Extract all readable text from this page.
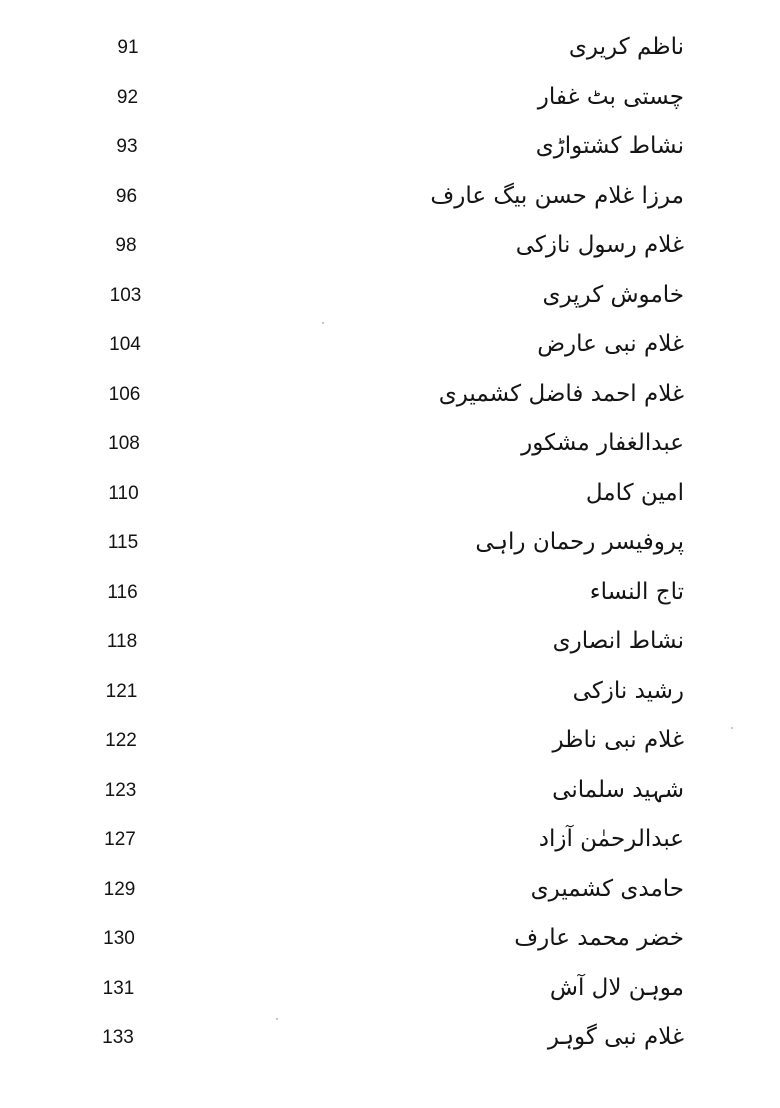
ناظم کریری
91
چستی بٹ غفار
92
نشاط کشتواڑی
93
مرزا غلام حسن بیگ عارف
96
غلام رسول نازکی
98
خاموش کرپری
103
غلام نبی عارض
104
غلام احمد فاضل کشمیری
106
عبدالغفار مشکور
108
امین کامل
110
پروفیسر رحمان راہی
115
تاج النساء
116
نشاط انصاری
118
رشید نازکی
121
غلام نبی ناظر
122
شہید سلمانی
123
عبدالرحمٰن آزاد
127
حامدی کشمیری
129
خضر محمد عارف
130
موہن لال آش
131
غلام نبی گوہر
133
